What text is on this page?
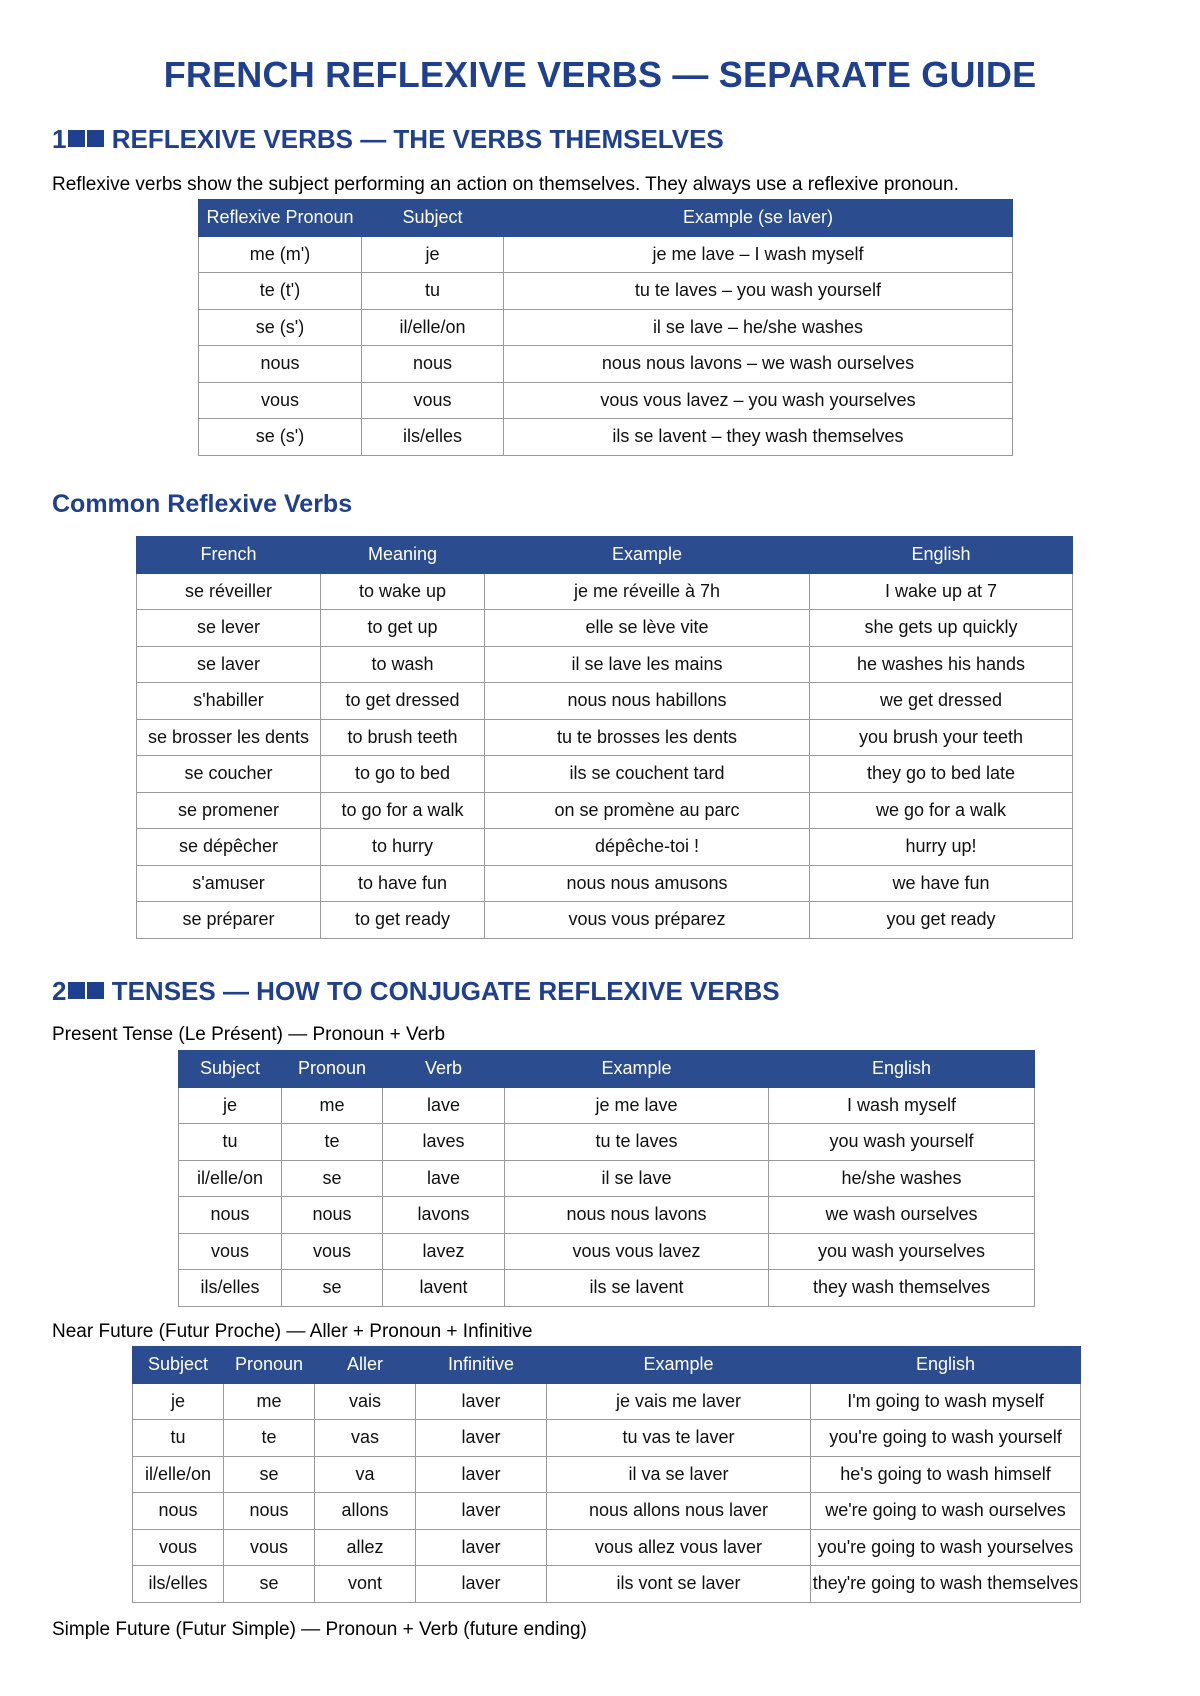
FRENCH REFLEXIVE VERBS — SEPARATE GUIDE
1 REFLEXIVE VERBS — THE VERBS THEMSELVES

Reflexive verbs show the subject performing an action on themselves. They always use a reflexive pronoun.

Reflexive Pronoun	Subject	Example (se laver)
me (m')	je	je me lave – I wash myself
te (t')	tu	tu te laves – you wash yourself
se (s')	il/elle/on	il se lave – he/she washes
nous	nous	nous nous lavons – we wash ourselves
vous	vous	vous vous lavez – you wash yourselves
se (s')	ils/elles	ils se lavent – they wash themselves
Common Reflexive Verbs
French	Meaning	Example	English
se réveiller	to wake up	je me réveille à 7h	I wake up at 7
se lever	to get up	elle se lève vite	she gets up quickly
se laver	to wash	il se lave les mains	he washes his hands
s'habiller	to get dressed	nous nous habillons	we get dressed
se brosser les dents	to brush teeth	tu te brosses les dents	you brush your teeth
se coucher	to go to bed	ils se couchent tard	they go to bed late
se promener	to go for a walk	on se promène au parc	we go for a walk
se dépêcher	to hurry	dépêche-toi !	hurry up!
s'amuser	to have fun	nous nous amusons	we have fun
se préparer	to get ready	vous vous préparez	you get ready
2 TENSES — HOW TO CONJUGATE REFLEXIVE VERBS

Present Tense (Le Présent) — Pronoun + Verb

Subject	Pronoun	Verb	Example	English
je	me	lave	je me lave	I wash myself
tu	te	laves	tu te laves	you wash yourself
il/elle/on	se	lave	il se lave	he/she washes
nous	nous	lavons	nous nous lavons	we wash ourselves
vous	vous	lavez	vous vous lavez	you wash yourselves
ils/elles	se	lavent	ils se lavent	they wash themselves

Near Future (Futur Proche) — Aller + Pronoun + Infinitive

Subject	Pronoun	Aller	Infinitive	Example	English
je	me	vais	laver	je vais me laver	I'm going to wash myself
tu	te	vas	laver	tu vas te laver	you're going to wash yourself
il/elle/on	se	va	laver	il va se laver	he's going to wash himself
nous	nous	allons	laver	nous allons nous laver	we're going to wash ourselves
vous	vous	allez	laver	vous allez vous laver	you're going to wash yourselves
ils/elles	se	vont	laver	ils vont se laver	they're going to wash themselves

Simple Future (Futur Simple) — Pronoun + Verb (future ending)
